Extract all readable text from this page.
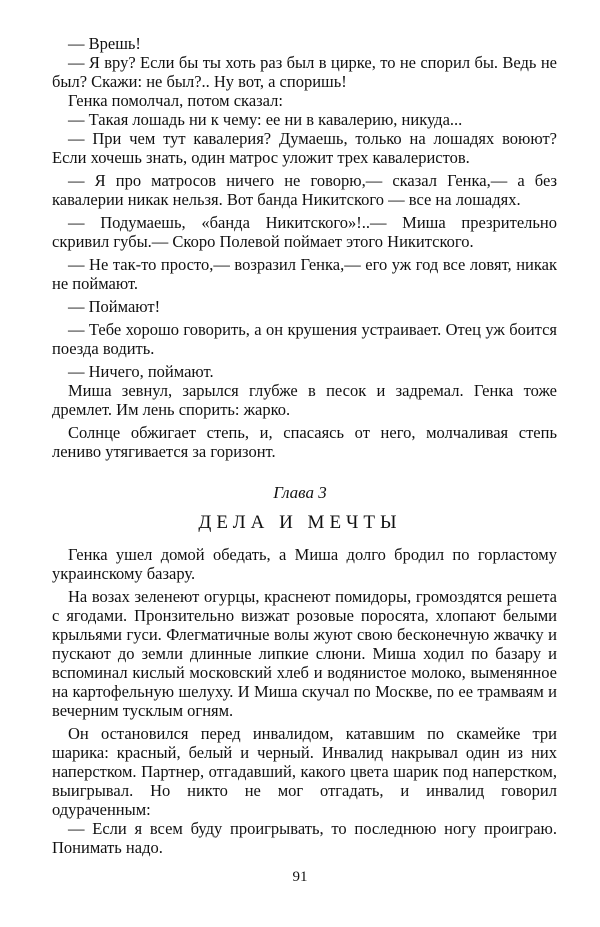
— Врешь!

— Я вру? Если бы ты хоть раз был в цирке, то не спорил бы. Ведь не был? Скажи: не был?.. Ну вот, а споришь!

Генка помолчал, потом сказал:

— Такая лошадь ни к чему: ее ни в кавалерию, никуда...

— При чем тут кавалерия? Думаешь, только на лошадях воюют? Если хочешь знать, один матрос уложит трех кавалеристов.

— Я про матросов ничего не говорю,— сказал Генка,— а без кавалерии никак нельзя. Вот банда Никитского — все на лошадях.

— Подумаешь, «банда Никитского»!..— Миша презрительно скривил губы.— Скоро Полевой поймает этого Никитского.

— Не так-то просто,— возразил Генка,— его уж год все ловят, никак не поймают.

— Поймают!

— Тебе хорошо говорить, а он крушения устраивает. Отец уж боится поезда водить.

— Ничего, поймают.

Миша зевнул, зарылся глубже в песок и задремал. Генка тоже дремлет. Им лень спорить: жарко.

Солнце обжигает степь, и, спасаясь от него, молчаливая степь лениво утягивается за горизонт.

Глава 3
ДЕЛА И МЕЧТЫ

Генка ушел домой обедать, а Миша долго бродил по горластому украинскому базару.

На возах зеленеют огурцы, краснеют помидоры, громоздятся решета с ягодами. Пронзительно визжат розовые поросята, хлопают белыми крыльями гуси. Флегматичные волы жуют свою бесконечную жвачку и пускают до земли длинные липкие слюни. Миша ходил по базару и вспоминал кислый московский хлеб и водянистое молоко, выменянное на картофельную шелуху. И Миша скучал по Москве, по ее трамваям и вечерним тусклым огням.

Он остановился перед инвалидом, катавшим по скамейке три шарика: красный, белый и черный. Инвалид накрывал один из них наперстком. Партнер, отгадавший, какого цвета шарик под наперстком, выигрывал. Но никто не мог отгадать, и инвалид говорил одураченным:

— Если я всем буду проигрывать, то последнюю ногу проиграю. Понимать надо.

91
